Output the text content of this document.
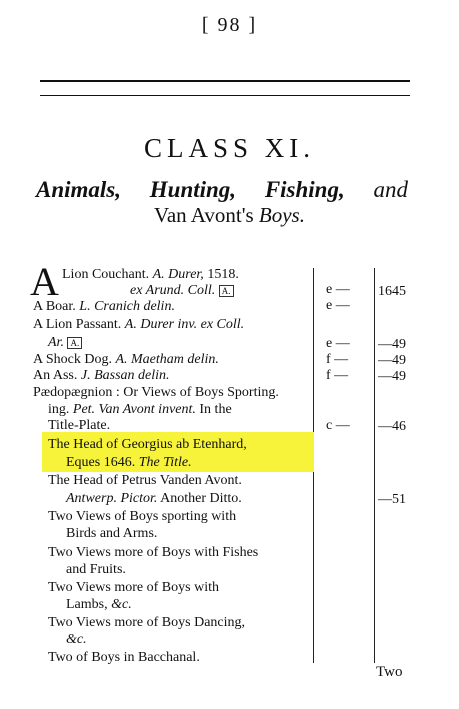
[ 98 ]
CLASS XI.
Animals, Hunting, Fishing, and
Van Avont's Boys.
A Lion Couchant. A. Durer, 1518.
ex Arund. Coll. A.
A Boar. L. Cranich delin.
A Lion Passant. A. Durer inv. ex Coll.
Ar. A.
A Shock Dog. A. Maetham delin.
An Ass. J. Bassan delin.
Pædopægnion : Or Views of Boys Sporting.
ing. Pet. Van Avont invent. In the
Title-Plate.
The Head of Georgius ab Etenhard,
Eques 1646. The Title.
The Head of Petrus Vanden Avont.
Antwerp. Pictor. Another Ditto.
Two Views of Boys sporting with
Birds and Arms.
Two Views more of Boys with Fishes
and Fruits.
Two Views more of Boys with
Lambs, &c.
Two Views more of Boys Dancing,
&c.
Two of Boys in Bacchanal.
e —
e —
e —
f —
f —
c —
1645
—49
—49
—49
—46
—51
Two
